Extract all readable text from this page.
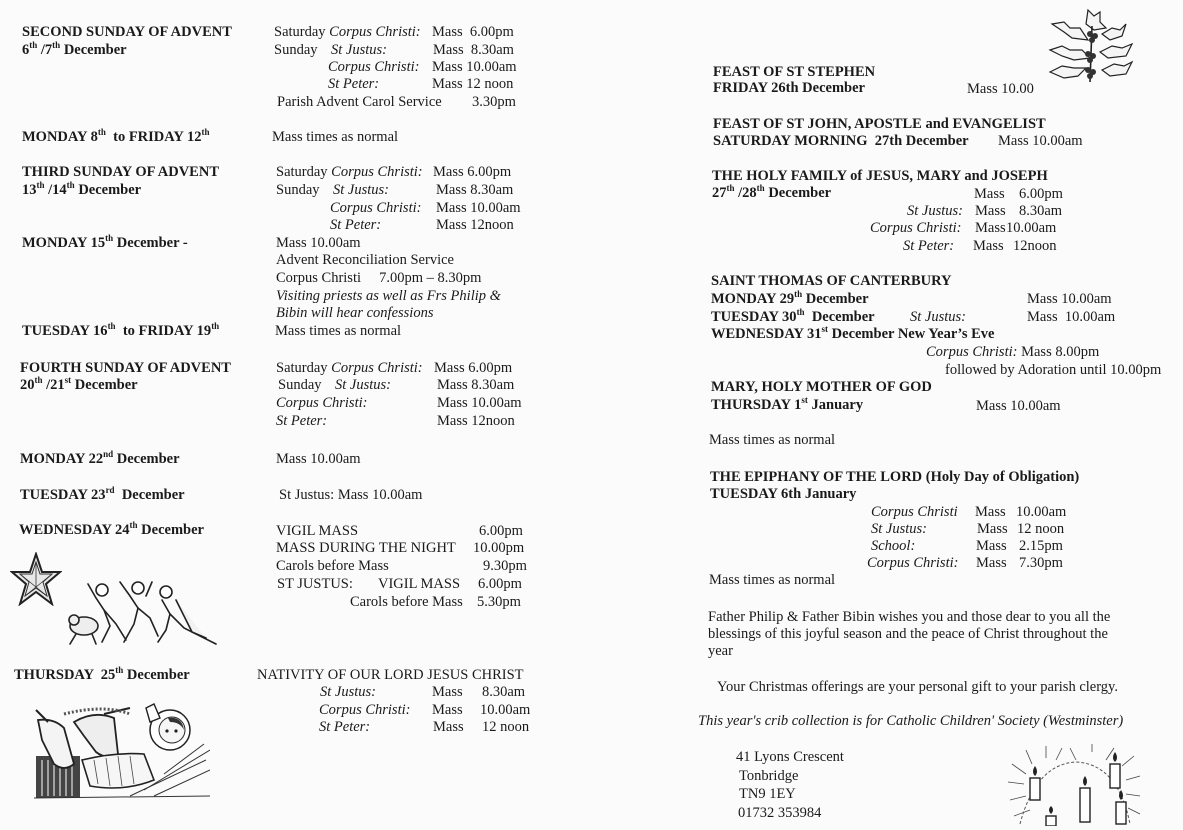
SECOND SUNDAY OF ADVENT
6th /7th December
Saturday Corpus Christi: Mass  6.00pm
Sunday St Justus:	Mass  8.30am
Corpus Christi: Mass 10.00am
St Peter:	Mass 12 noon
Parish Advent Carol Service 3.30pm
MONDAY 8th  to FRIDAY 12th	Mass times as normal
THIRD SUNDAY OF ADVENT
13th /14th December
Saturday Corpus Christi: Mass 6.00pm
Sunday St Justus:	Mass 8.30am
Corpus Christi: Mass 10.00am
St Peter:	Mass 12noon
MONDAY 15th December -	Mass 10.00am
Advent Reconciliation Service
Corpus Christi     7.00pm – 8.30pm
Visiting priests as well as Frs Philip &
Bibin will hear confessions
TUESDAY 16th  to FRIDAY 19th	Mass times as normal
FOURTH SUNDAY OF ADVENT
20th /21st December
Saturday Corpus Christi: Mass 6.00pm
Sunday St Justus:	Mass 8.30am
Corpus Christi:	Mass 10.00am
St Peter:	Mass 12noon
MONDAY 22nd December	Mass 10.00am
TUESDAY 23rd  December	St Justus: Mass 10.00am
WEDNESDAY 24th December	VIGIL MASS	6.00pm
MASS DURING THE NIGHT 10.00pm
Carols before Mass	9.30pm
ST JUSTUS: VIGIL MASS 6.00pm
Carols before Mass 5.30pm
THURSDAY  25th December	NATIVITY OF OUR LORD JESUS CHRIST
St Justus:	Mass 8.30am
Corpus Christi: Mass 10.00am
St Peter:	Mass 12 noon
FEAST OF ST STEPHEN
FRIDAY 26th December	Mass 10.00
FEAST OF ST JOHN, APOSTLE and EVANGELIST
SATURDAY MORNING  27th December Mass 10.00am
THE HOLY FAMILY of JESUS, MARY and JOSEPH
27th /28th December	Mass 6.00pm
St Justus: Mass 8.30am
Corpus Christi: Mass 10.00am
St Peter: Mass 12noon
SAINT THOMAS OF CANTERBURY
MONDAY 29th December	Mass 10.00am
TUESDAY 30th  December St Justus:	Mass  10.00am
WEDNESDAY 31st December New Year’s Eve
Corpus Christi: Mass 8.00pm
followed by Adoration until 10.00pm
MARY, HOLY MOTHER OF GOD
THURSDAY 1st January	Mass 10.00am
Mass times as normal
THE EPIPHANY OF THE LORD (Holy Day of Obligation)
TUESDAY 6th January
Corpus Christi Mass 10.00am
St Justus:	Mass 12 noon
School:	Mass 2.15pm
Corpus Christi: Mass 7.30pm
Mass times as normal
Father Philip & Father Bibin wishes you and those dear to you all the
blessings of this joyful season and the peace of Christ throughout the
year
Your Christmas offerings are your personal gift to your parish clergy.
This year's crib collection is for Catholic Children' Society (Westminster)
41 Lyons Crescent
Tonbridge
TN9 1EY
01732 353984
